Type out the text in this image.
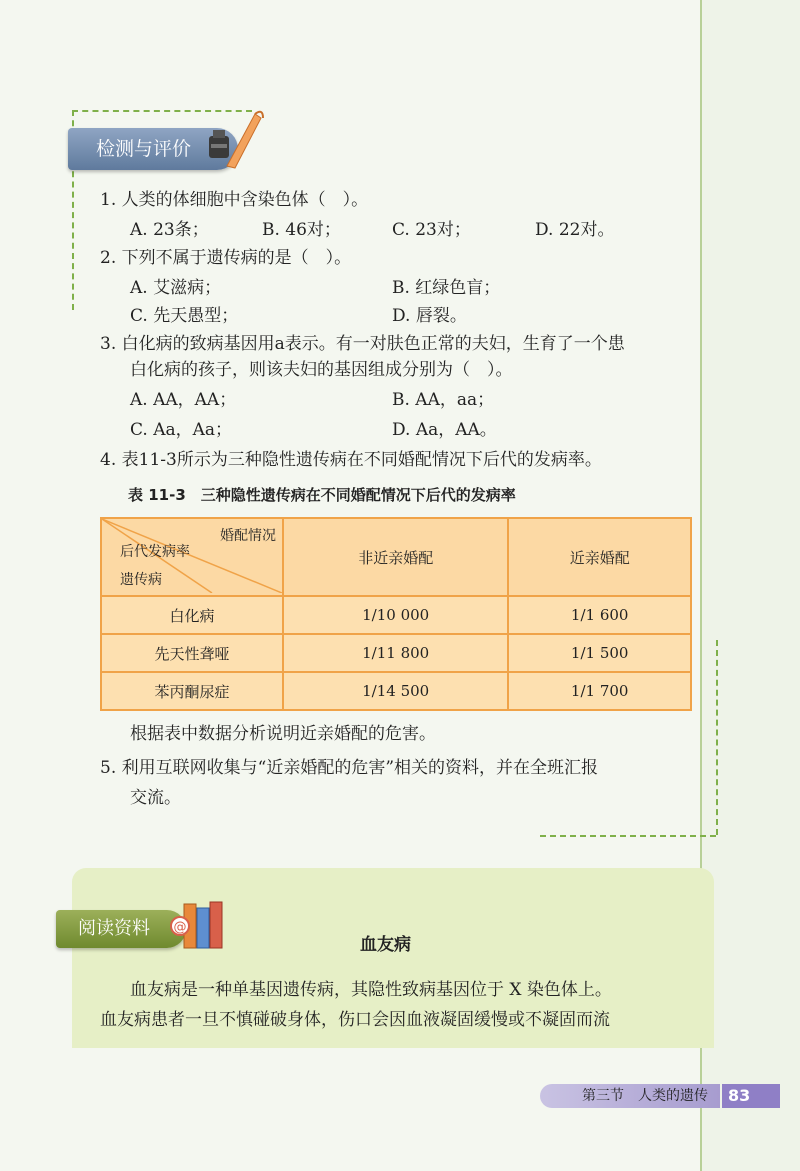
检测与评价
1. 人类的体细胞中含染色体（　）。
A. 23条；	B. 46对；	C. 23对；	D. 22对。
2. 下列不属于遗传病的是（　）。
A. 艾滋病；	B. 红绿色盲；
C. 先天愚型；	D. 唇裂。
3. 白化病的致病基因用a表示。有一对肤色正常的夫妇，生育了一个患
白化病的孩子，则该夫妇的基因组成分别为（　）。
A. AA，AA；	B. AA，aa；
C. Aa，Aa；	D. Aa，AA。
4. 表11-3所示为三种隐性遗传病在不同婚配情况下后代的发病率。
表 11-3　三种隐性遗传病在不同婚配情况下后代的发病率
婚配情况
后代发病率
遗传病	非近亲婚配	近亲婚配
白化病	1/10 000	1/1 600
先天性聋哑	1/11 800	1/1 500
苯丙酮尿症	1/14 500	1/1 700
根据表中数据分析说明近亲婚配的危害。
5. 利用互联网收集与“近亲婚配的危害”相关的资料，并在全班汇报
交流。
阅读资料	@
血友病
血友病是一种单基因遗传病，其隐性致病基因位于 X 染色体上。
血友病患者一旦不慎碰破身体，伤口会因血液凝固缓慢或不凝固而流
第三节　人类的遗传	83
